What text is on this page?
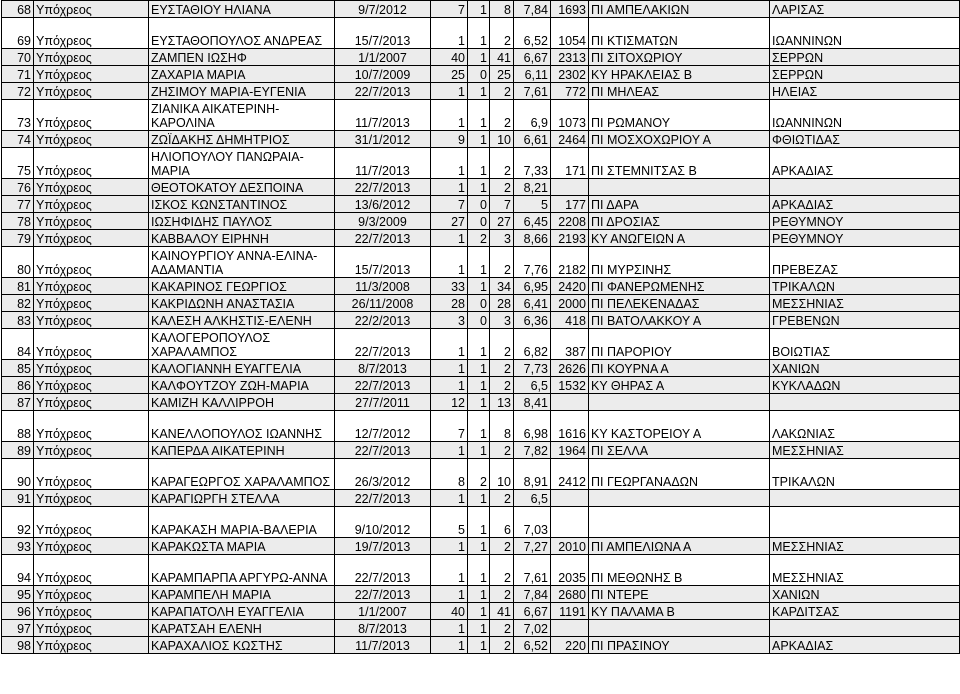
68	Υπόχρεος	ΕΥΣΤΑΘΙΟΥ ΗΛΙΑΝΑ	9/7/2012	7	1	8	7,84	1693	ΠΙ ΑΜΠΕΛΑΚΙΩΝ	ΛΑΡΙΣΑΣ
69	Υπόχρεος	ΕΥΣΤΑΘΟΠΟΥΛΟΣ ΑΝΔΡΕΑΣ	15/7/2013	1	1	2	6,52	1054	ΠΙ ΚΤΙΣΜΑΤΩΝ	ΙΩΑΝΝΙΝΩΝ
70	Υπόχρεος	ΖΑΜΠΕΝ ΙΩΣΗΦ	1/1/2007	40	1	41	6,67	2313	ΠΙ ΣΙΤΟΧΩΡΙΟΥ	ΣΕΡΡΩΝ
71	Υπόχρεος	ΖΑΧΑΡΙΑ ΜΑΡΙΑ	10/7/2009	25	0	25	6,11	2302	ΚΥ ΗΡΑΚΛΕΙΑΣ Β	ΣΕΡΡΩΝ
72	Υπόχρεος	ΖΗΣΙΜΟΥ ΜΑΡΙΑ-ΕΥΓΕΝΙΑ	22/7/2013	1	1	2	7,61	772	ΠΙ ΜΗΛΕΑΣ	ΗΛΕΙΑΣ
73	Υπόχρεος	ΖΙΑΝΙΚΑ ΑΙΚΑΤΕΡΙΝΗ-ΚΑΡΟΛΙΝΑ	11/7/2013	1	1	2	6,9	1073	ΠΙ ΡΩΜΑΝΟΥ	ΙΩΑΝΝΙΝΩΝ
74	Υπόχρεος	ΖΩΪΔΑΚΗΣ ΔΗΜΗΤΡΙΟΣ	31/1/2012	9	1	10	6,61	2464	ΠΙ ΜΟΣΧΟΧΩΡΙΟΥ Α	ΦΘΙΩΤΙΔΑΣ
75	Υπόχρεος	ΗΛΙΟΠΟΥΛΟΥ ΠΑΝΩΡΑΙΑ-ΜΑΡΙΑ	11/7/2013	1	1	2	7,33	171	ΠΙ ΣΤΕΜΝΙΤΣΑΣ Β	ΑΡΚΑΔΙΑΣ
76	Υπόχρεος	ΘΕΟΤΟΚΑΤΟΥ ΔΕΣΠΟΙΝΑ	22/7/2013	1	1	2	8,21			
77	Υπόχρεος	ΙΣΚΟΣ ΚΩΝΣΤΑΝΤΙΝΟΣ	13/6/2012	7	0	7	5	177	ΠΙ ΔΑΡΑ	ΑΡΚΑΔΙΑΣ
78	Υπόχρεος	ΙΩΣΗΦΙΔΗΣ ΠΑΥΛΟΣ	9/3/2009	27	0	27	6,45	2208	ΠΙ ΔΡΟΣΙΑΣ	ΡΕΘΥΜΝΟΥ
79	Υπόχρεος	ΚΑΒΒΑΛΟΥ ΕΙΡΗΝΗ	22/7/2013	1	2	3	8,66	2193	ΚΥ ΑΝΩΓΕΙΩΝ Α	ΡΕΘΥΜΝΟΥ
80	Υπόχρεος	ΚΑΙΝΟΥΡΓΙΟΥ ΑΝΝΑ-ΕΛΙΝΑ-ΑΔΑΜΑΝΤΙΑ	15/7/2013	1	1	2	7,76	2182	ΠΙ ΜΥΡΣΙΝΗΣ	ΠΡΕΒΕΖΑΣ
81	Υπόχρεος	ΚΑΚΑΡΙΝΟΣ ΓΕΩΡΓΙΟΣ	11/3/2008	33	1	34	6,95	2420	ΠΙ ΦΑΝΕΡΩΜΕΝΗΣ	ΤΡΙΚΑΛΩΝ
82	Υπόχρεος	ΚΑΚΡΙΔΩΝΗ ΑΝΑΣΤΑΣΙΑ	26/11/2008	28	0	28	6,41	2000	ΠΙ ΠΕΛΕΚΕΝΑΔΑΣ	ΜΕΣΣΗΝΙΑΣ
83	Υπόχρεος	ΚΑΛΕΣΗ ΑΛΚΗΣΤΙΣ-ΕΛΕΝΗ	22/2/2013	3	0	3	6,36	418	ΠΙ ΒΑΤΟΛΑΚΚΟΥ Α	ΓΡΕΒΕΝΩΝ
84	Υπόχρεος	ΚΑΛΟΓΕΡΟΠΟΥΛΟΣ ΧΑΡΑΛΑΜΠΟΣ	22/7/2013	1	1	2	6,82	387	ΠΙ ΠΑΡΟΡΙΟΥ	ΒΟΙΩΤΙΑΣ
85	Υπόχρεος	ΚΑΛΟΓΙΑΝΝΗ ΕΥΑΓΓΕΛΙΑ	8/7/2013	1	1	2	7,73	2626	ΠΙ ΚΟΥΡΝΑ Α	ΧΑΝΙΩΝ
86	Υπόχρεος	ΚΑΛΦΟΥΤΖΟΥ ΖΩΗ-ΜΑΡΙΑ	22/7/2013	1	1	2	6,5	1532	ΚΥ ΘΗΡΑΣ Α	ΚΥΚΛΑΔΩΝ
87	Υπόχρεος	ΚΑΜΙΖΗ ΚΑΛΛΙΡΡΟΗ	27/7/2011	12	1	13	8,41			
88	Υπόχρεος	ΚΑΝΕΛΛΟΠΟΥΛΟΣ ΙΩΑΝΝΗΣ	12/7/2012	7	1	8	6,98	1616	ΚΥ ΚΑΣΤΟΡΕΙΟΥ Α	ΛΑΚΩΝΙΑΣ
89	Υπόχρεος	ΚΑΠΕΡΔΑ ΑΙΚΑΤΕΡΙΝΗ	22/7/2013	1	1	2	7,82	1964	ΠΙ ΣΕΛΛΑ	ΜΕΣΣΗΝΙΑΣ
90	Υπόχρεος	ΚΑΡΑΓΕΩΡΓΟΣ ΧΑΡΑΛΑΜΠΟΣ	26/3/2012	8	2	10	8,91	2412	ΠΙ ΓΕΩΡΓΑΝΑΔΩΝ	ΤΡΙΚΑΛΩΝ
91	Υπόχρεος	ΚΑΡΑΓΙΩΡΓΗ ΣΤΕΛΛΑ	22/7/2013	1	1	2	6,5			
92	Υπόχρεος	ΚΑΡΑΚΑΣΗ ΜΑΡΙΑ-ΒΑΛΕΡΙΑ	9/10/2012	5	1	6	7,03			
93	Υπόχρεος	ΚΑΡΑΚΩΣΤΑ ΜΑΡΙΑ	19/7/2013	1	1	2	7,27	2010	ΠΙ ΑΜΠΕΛΙΩΝΑ Α	ΜΕΣΣΗΝΙΑΣ
94	Υπόχρεος	ΚΑΡΑΜΠΑΡΠΑ ΑΡΓΥΡΩ-ΑΝΝΑ	22/7/2013	1	1	2	7,61	2035	ΠΙ ΜΕΘΩΝΗΣ Β	ΜΕΣΣΗΝΙΑΣ
95	Υπόχρεος	ΚΑΡΑΜΠΕΛΗ ΜΑΡΙΑ	22/7/2013	1	1	2	7,84	2680	ΠΙ ΝΤΕΡΕ	ΧΑΝΙΩΝ
96	Υπόχρεος	ΚΑΡΑΠΑΤΟΛΗ ΕΥΑΓΓΕΛΙΑ	1/1/2007	40	1	41	6,67	1191	ΚΥ ΠΑΛΑΜΑ Β	ΚΑΡΔΙΤΣΑΣ
97	Υπόχρεος	ΚΑΡΑΤΣΑΗ ΕΛΕΝΗ	8/7/2013	1	1	2	7,02			
98	Υπόχρεος	ΚΑΡΑΧΑΛΙΟΣ ΚΩΣΤΗΣ	11/7/2013	1	1	2	6,52	220	ΠΙ ΠΡΑΣΙΝΟΥ	ΑΡΚΑΔΙΑΣ
